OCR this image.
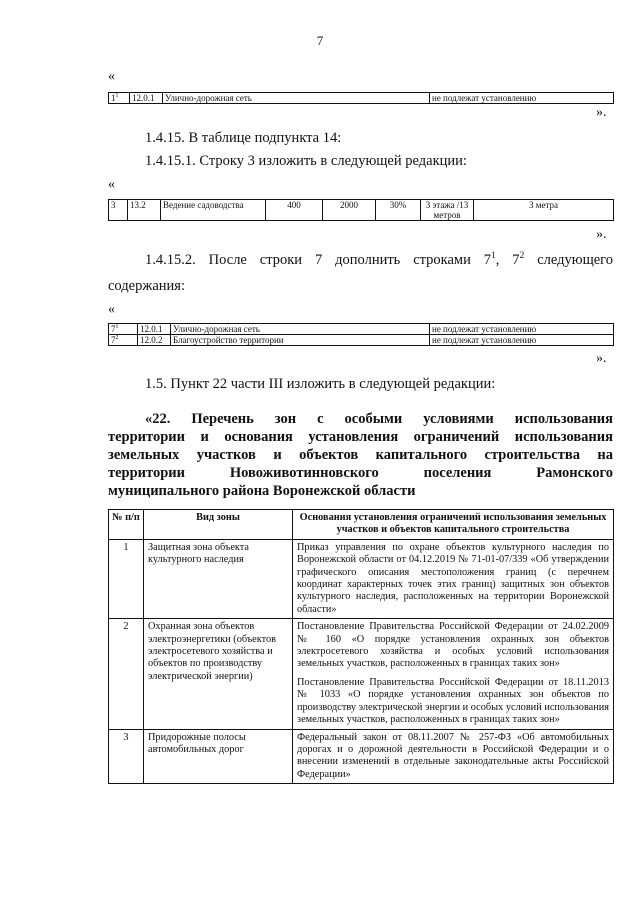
7
«
$1^1$	12.0.1	Улично-дорожная сеть	не подлежат установлению
».
1.4.15. В таблице подпункта 14:
1.4.15.1. Строку 3 изложить в следующей редакции:
«
3	13.2	Ведение садоводства	400	2000	30%	3 этажа /13 метров	3 метра
».
1.4.15.2. После строки 7 дополнить строками $7^1$, $7^2$ следующего
содержания:
«
$7^1$	12.0.1	Улично-дорожная сеть	не подлежат установлению
$7^2$	12.0.2	Благоустройство территории	не подлежат установлению
».
1.5. Пункт 22 части III изложить в следующей редакции:
«22. Перечень зон с особыми условиями использования
территории и основания установления ограничений использования
земельных участков и объектов капитального строительства на
территории Новоживотинновского поселения Рамонского
муниципального района Воронежской области
№ п/п	Вид зоны	Основания установления ограничений использования земельных участков и объектов капитального строительства
1	Защитная зона объекта культурного наследия	Приказ управления по охране объектов культурного наследия по Воронежской области от 04.12.2019 № 71-01-07/339 «Об утверждении графического описания местоположения границ (с перечнем координат характерных точек этих границ) защитных зон объектов культурного наследия, расположенных на территории Воронежской области»

2	Охранная зона объектов электроэнергетики (объектов электросетевого хозяйства и объектов по производству электрической энергии)	Постановление Правительства Российской Федерации от 24.02.2009 № 160 «О порядке установления охранных зон объектов электросетевого хозяйства и особых условий использования земельных участков, расположенных в границах таких зон»

Постановление Правительства Российской Федерации от 18.11.2013 № 1033 «О порядке установления охранных зон объектов по производству электрической энергии и особых условий использования земельных участков, расположенных в границах таких зон»

3	Придорожные полосы автомобильных дорог	Федеральный закон от 08.11.2007 № 257-ФЗ «Об автомобильных дорогах и о дорожной деятельности в Российской Федерации и о внесении изменений в отдельные законодательные акты Российской Федерации»
